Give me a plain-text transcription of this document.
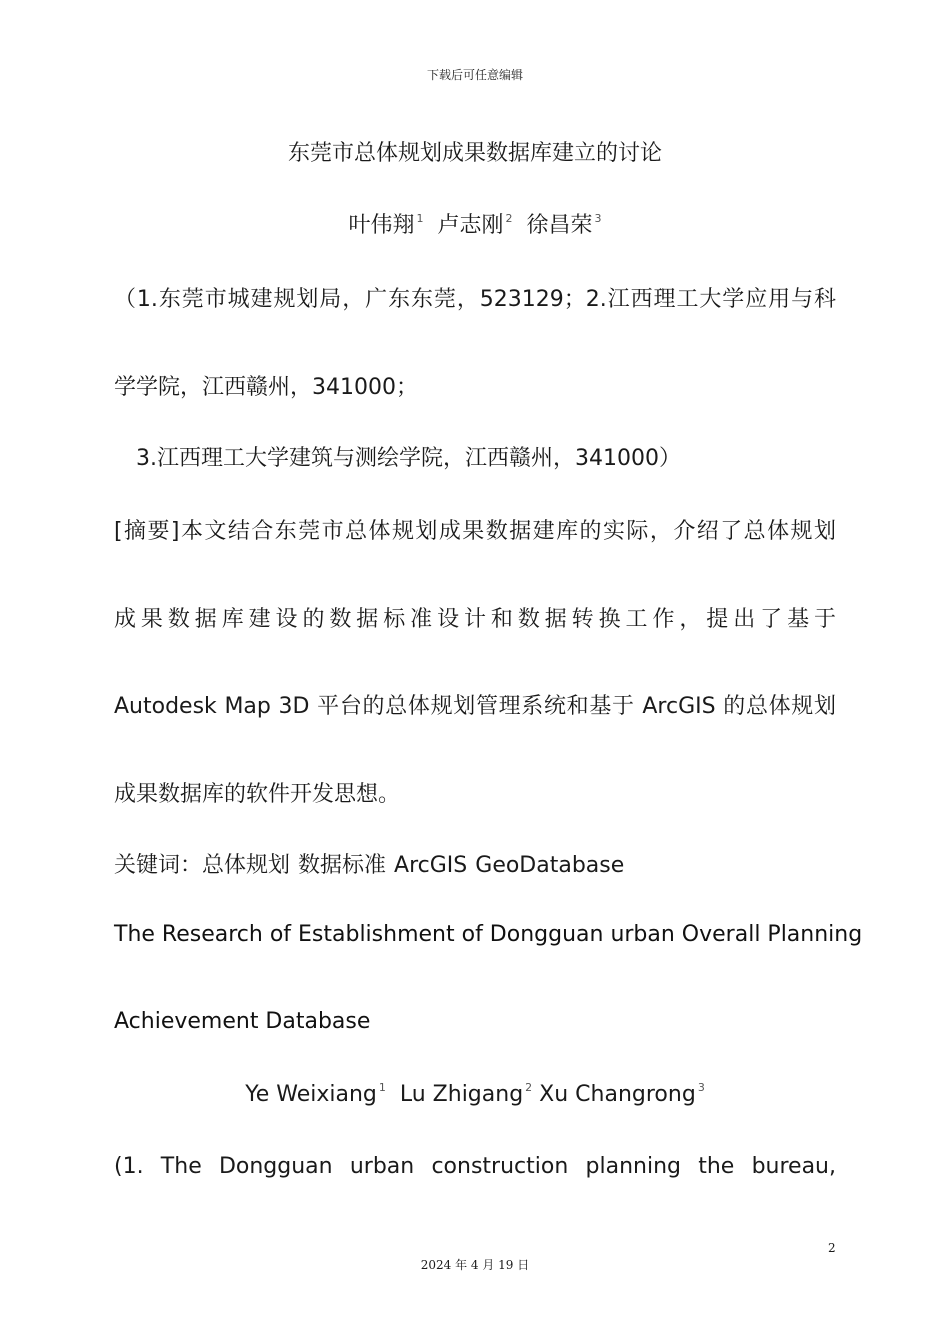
下载后可任意编辑
东莞市总体规划成果数据库建立的讨论
叶伟翔 $^1$ 卢志刚 $^2$ 徐昌荣 $^3$
（1.东莞市城建规划局，广东东莞，523129；2.江西理工大学应用与科
学学院，江西赣州，341000；
3.江西理工大学建筑与测绘学院，江西赣州，341000）
[摘要]本文结合东莞市总体规划成果数据建库的实际，介绍了总体规划
成果数据库建设的数据标准设计和数据转换工作，提出了基于
Autodesk Map 3D 平台的总体规划管理系统和基于 ArcGIS 的总体规划
成果数据库的软件开发思想。
关键词：总体规划 数据标准 ArcGIS GeoDatabase
The Research of Establishment of Dongguan urban Overall Planning
Achievement Database
Ye Weixiang $^1$ Lu Zhigang $^2$ Xu Changrong $^3$
(1. The Dongguan urban construction planning the bureau,
2
2024 年 4 月 19 日
